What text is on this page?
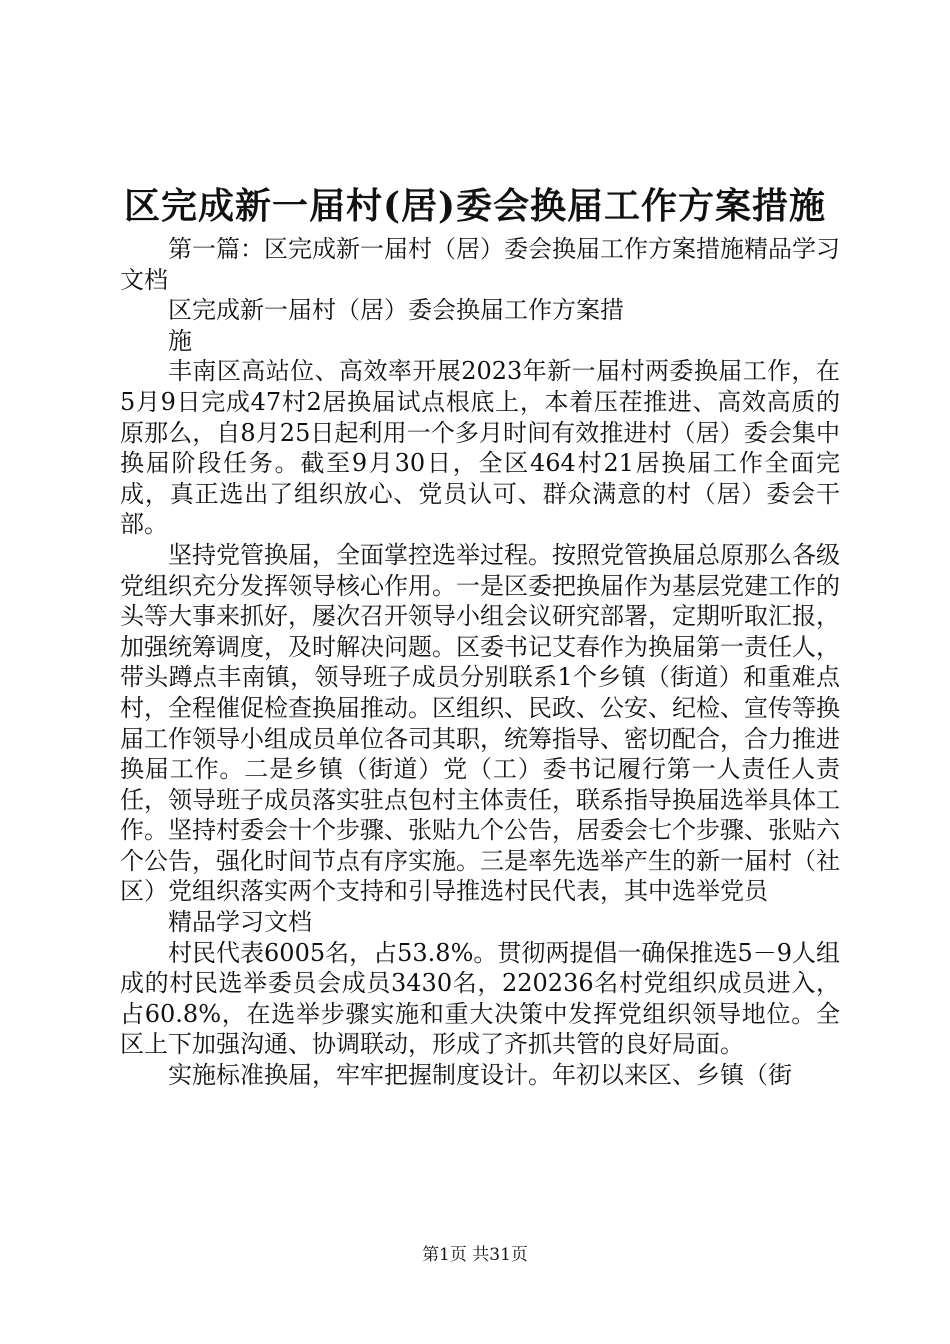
区完成新一届村(居)委会换届工作方案措施

第一篇：区完成新一届村（居）委会换届工作方案措施精品学习文档

区完成新一届村（居）委会换届工作方案措

施

丰南区高站位、高效率开展2023年新一届村两委换届工作，在5月9日完成47村2居换届试点根底上，本着压茬推进、高效高质的原那么，自8月25日起利用一个多月时间有效推进村（居）委会集中换届阶段任务。截至9月30日，全区464村21居换届工作全面完成，真正选出了组织放心、党员认可、群众满意的村（居）委会干部。

坚持党管换届，全面掌控选举过程。按照党管换届总原那么各级党组织充分发挥领导核心作用。一是区委把换届作为基层党建工作的头等大事来抓好，屡次召开领导小组会议研究部署，定期听取汇报，加强统筹调度，及时解决问题。区委书记艾春作为换届第一责任人，带头蹲点丰南镇，领导班子成员分别联系1个乡镇（街道）和重难点村，全程催促检查换届推动。区组织、民政、公安、纪检、宣传等换届工作领导小组成员单位各司其职，统筹指导、密切配合，合力推进换届工作。二是乡镇（街道）党（工）委书记履行第一人责任人责任，领导班子成员落实驻点包村主体责任，联系指导换届选举具体工作。坚持村委会十个步骤、张贴九个公告，居委会七个步骤、张贴六个公告，强化时间节点有序实施。三是率先选举产生的新一届村（社区）党组织落实两个支持和引导推选村民代表，其中选举党员

精品学习文档

村民代表6005名，占53.8%。贯彻两提倡一确保推选5－9人组成的村民选举委员会成员3430名，220236名村党组织成员进入，占60.8%，在选举步骤实施和重大决策中发挥党组织领导地位。全区上下加强沟通、协调联动，形成了齐抓共管的良好局面。

实施标准换届，牢牢把握制度设计。年初以来区、乡镇（街

第1页 共31页
